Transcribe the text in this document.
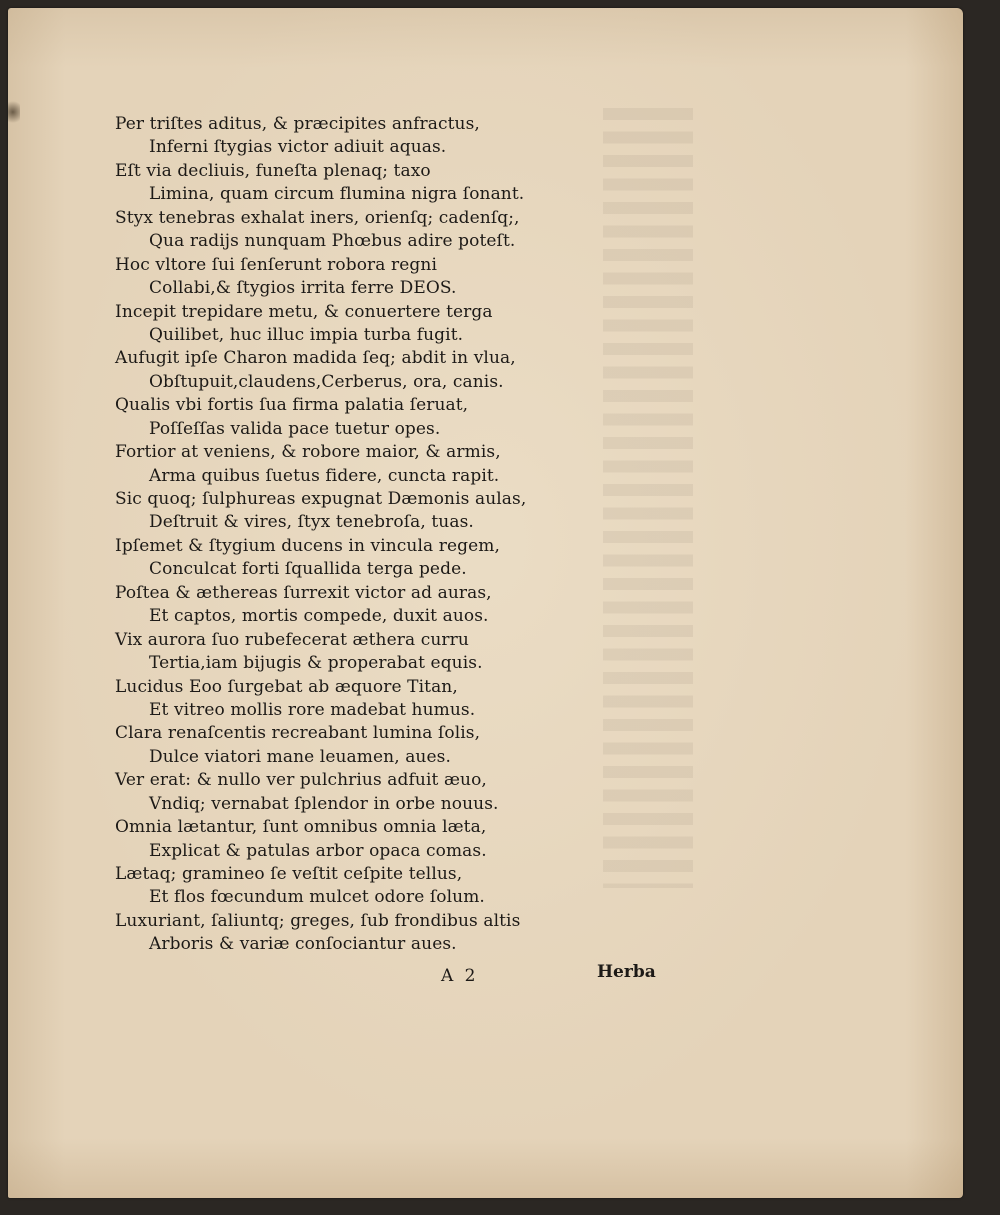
Per triſtes aditus, & præcipites anfractus,
Inferni ſtygias victor adiuit aquas.
Eſt via decliuis, funeſta plenaq; taxo
Limina, quam circum flumina nigra ſonant.
Styx tenebras exhalat iners, orienſq; cadenſq;,
Qua radijs nunquam Phœbus adire poteſt.
Hoc vltore ſui ſenſerunt robora regni
Collabi,& ſtygios irrita ferre DEOS.
Incepit trepidare metu, & conuertere terga
Quilibet, huc illuc impia turba fugit.
Aufugit ipſe Charon madida ſeq; abdit in vlua,
Obſtupuit,claudens,Cerberus, ora, canis.
Qualis vbi fortis ſua firma palatia ſeruat,
Poſſeſſas valida pace tuetur opes.
Fortior at veniens, & robore maior, & armis,
Arma quibus ſuetus fidere, cuncta rapit.
Sic quoq; ſulphureas expugnat Dæmonis aulas,
Deſtruit & vires, ſtyx tenebroſa, tuas.
Ipſemet & ſtygium ducens in vincula regem,
Conculcat forti ſquallida terga pede.
Poſtea & æthereas ſurrexit victor ad auras,
Et captos, mortis compede, duxit auos.
Vix aurora ſuo rubefecerat æthera curru
Tertia,iam bijugis & properabat equis.
Lucidus Eoo ſurgebat ab æquore Titan,
Et vitreo mollis rore madebat humus.
Clara renaſcentis recreabant lumina ſolis,
Dulce viatori mane leuamen, aues.
Ver erat: & nullo ver pulchrius adfuit æuo,
Vndiq; vernabat ſplendor in orbe nouus.
Omnia lætantur, ſunt omnibus omnia læta,
Explicat & patulas arbor opaca comas.
Lætaq; gramineo ſe veſtit ceſpite tellus,
Et flos fœcundum mulcet odore ſolum.
Luxuriant, ſaliuntq; greges, ſub frondibus altis
Arboris & variæ conſociantur aues.
A 2	Herba
